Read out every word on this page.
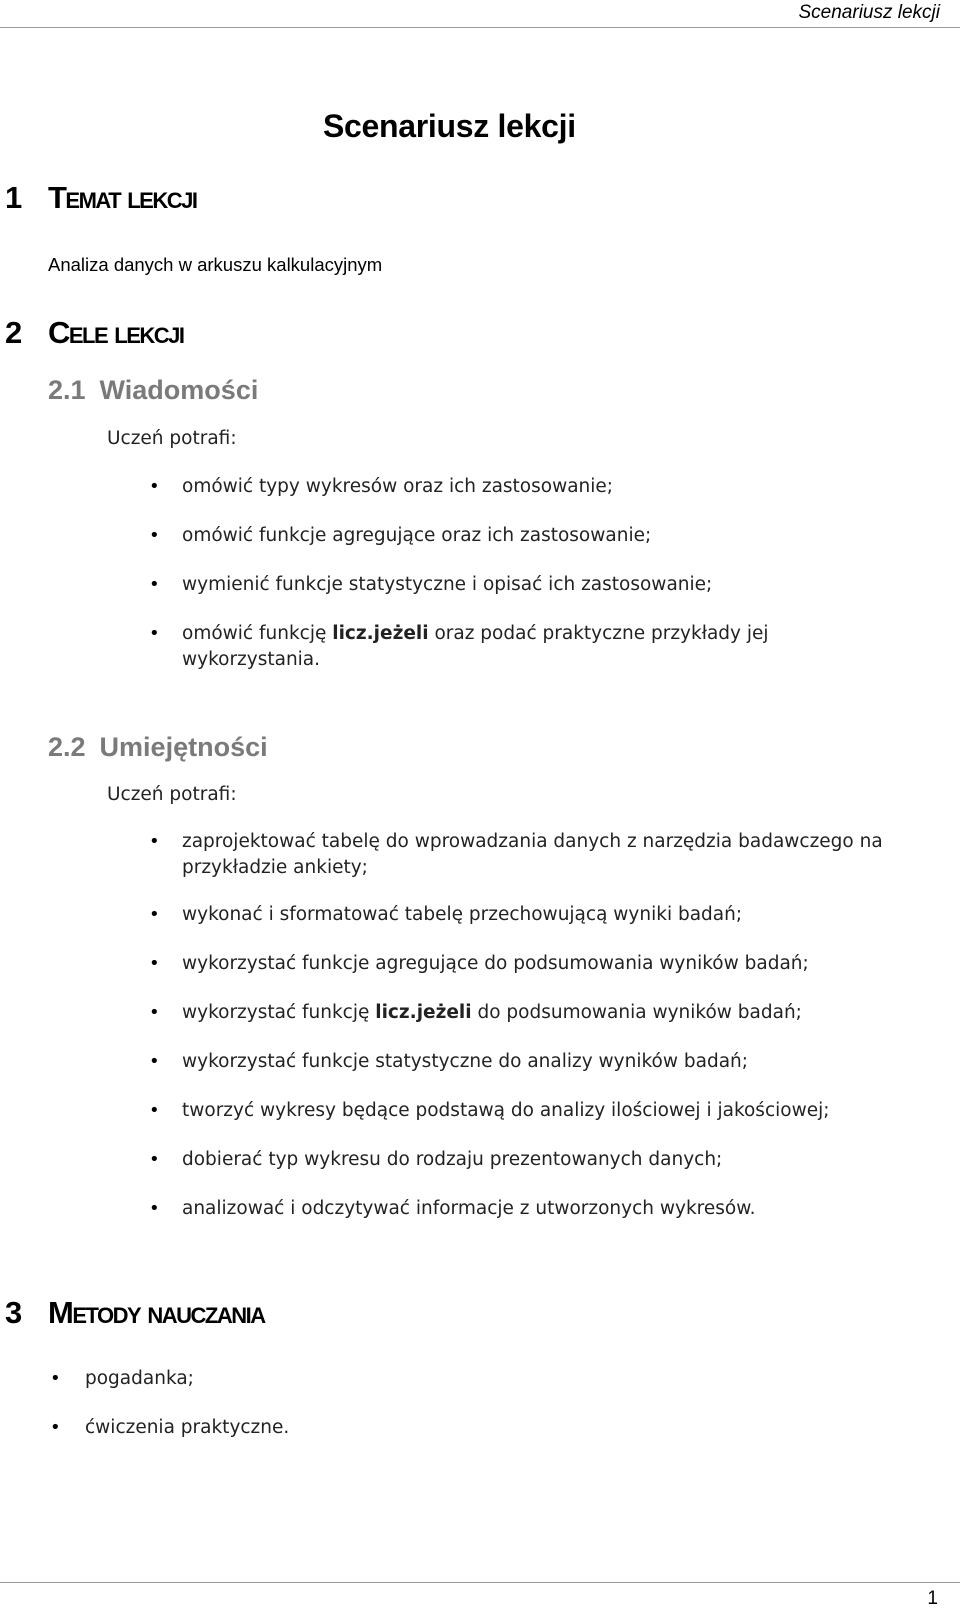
Scenariusz lekcji
Scenariusz lekcji
1 Temat lekcji
Analiza danych w arkuszu kalkulacyjnym
2 Cele lekcji
2.1 Wiadomości
Uczeń potrafi:
• omówić typy wykresów oraz ich zastosowanie;
• omówić funkcje agregujące oraz ich zastosowanie;
• wymienić funkcje statystyczne i opisać ich zastosowanie;
• omówić funkcję licz.jeżeli oraz podać praktyczne przykłady jej
wykorzystania.
2.2 Umiejętności
Uczeń potrafi:
• zaprojektować tabelę do wprowadzania danych z narzędzia badawczego na
przykładzie ankiety;
• wykonać i sformatować tabelę przechowującą wyniki badań;
• wykorzystać funkcje agregujące do podsumowania wyników badań;
• wykorzystać funkcję licz.jeżeli do podsumowania wyników badań;
• wykorzystać funkcje statystyczne do analizy wyników badań;
• tworzyć wykresy będące podstawą do analizy ilościowej i jakościowej;
• dobierać typ wykresu do rodzaju prezentowanych danych;
• analizować i odczytywać informacje z utworzonych wykresów.
3 Metody nauczania
• pogadanka;
• ćwiczenia praktyczne.
1
